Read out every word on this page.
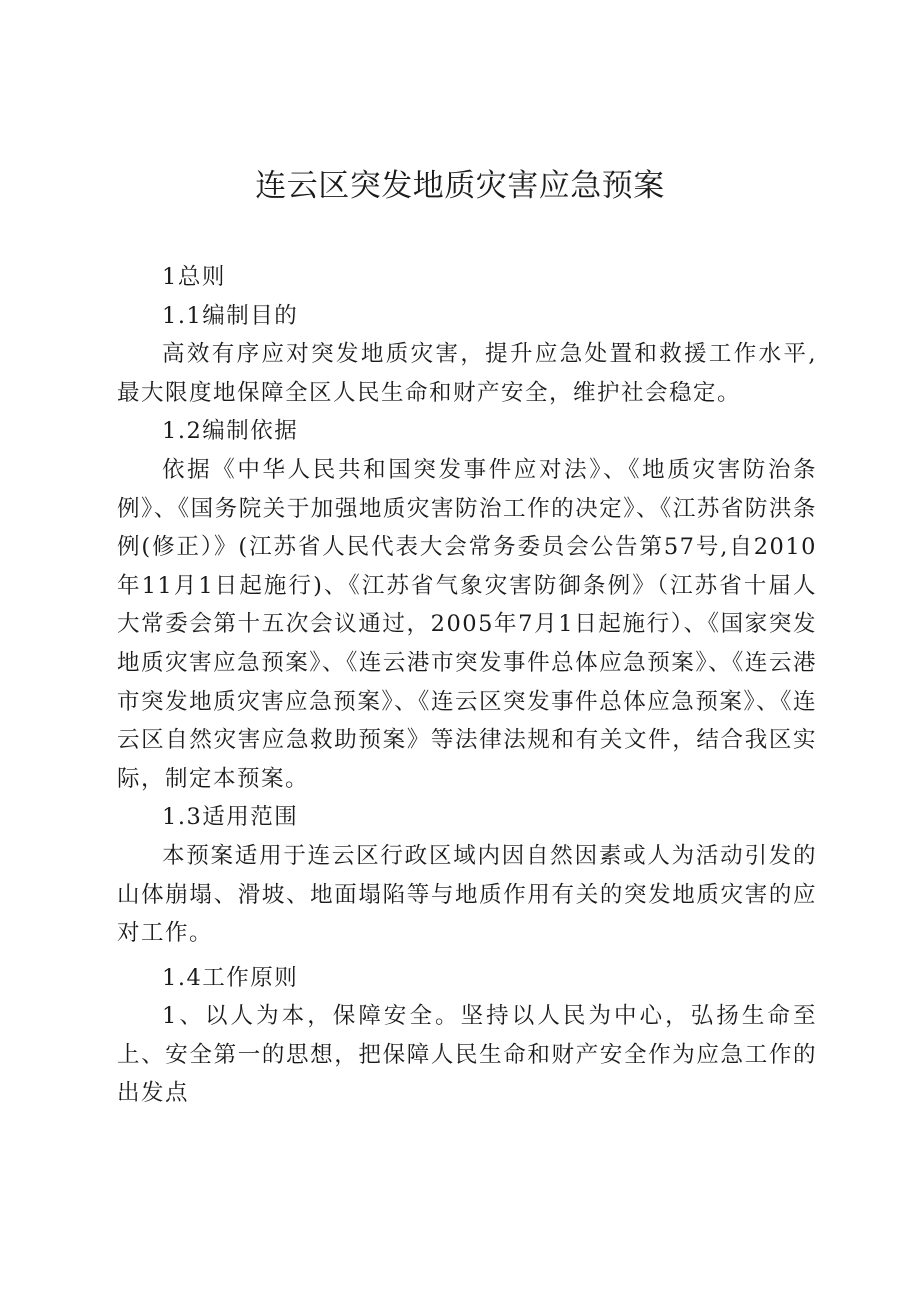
连云区突发地质灾害应急预案

1总则

1.1编制目的

高效有序应对突发地质灾害，提升应急处置和救援工作水平,最大限度地保障全区人民生命和财产安全，维护社会稳定。

1.2编制依据

依据《中华人民共和国突发事件应对法》、《地质灾害防治条例》、《国务院关于加强地质灾害防治工作的决定》、《江苏省防洪条例(修正）》(江苏省人民代表大会常务委员会公告第57号,自2010年11月1日起施行)、《江苏省气象灾害防御条例》（江苏省十届人大常委会第十五次会议通过，2005年7月1日起施行）、《国家突发地质灾害应急预案》、《连云港市突发事件总体应急预案》、《连云港市突发地质灾害应急预案》、《连云区突发事件总体应急预案》、《连云区自然灾害应急救助预案》等法律法规和有关文件，结合我区实际，制定本预案。

1.3适用范围

本预案适用于连云区行政区域内因自然因素或人为活动引发的山体崩塌、滑坡、地面塌陷等与地质作用有关的突发地质灾害的应对工作。

1.4工作原则

1、以人为本，保障安全。坚持以人民为中心，弘扬生命至上、安全第一的思想，把保障人民生命和财产安全作为应急工作的出发点
